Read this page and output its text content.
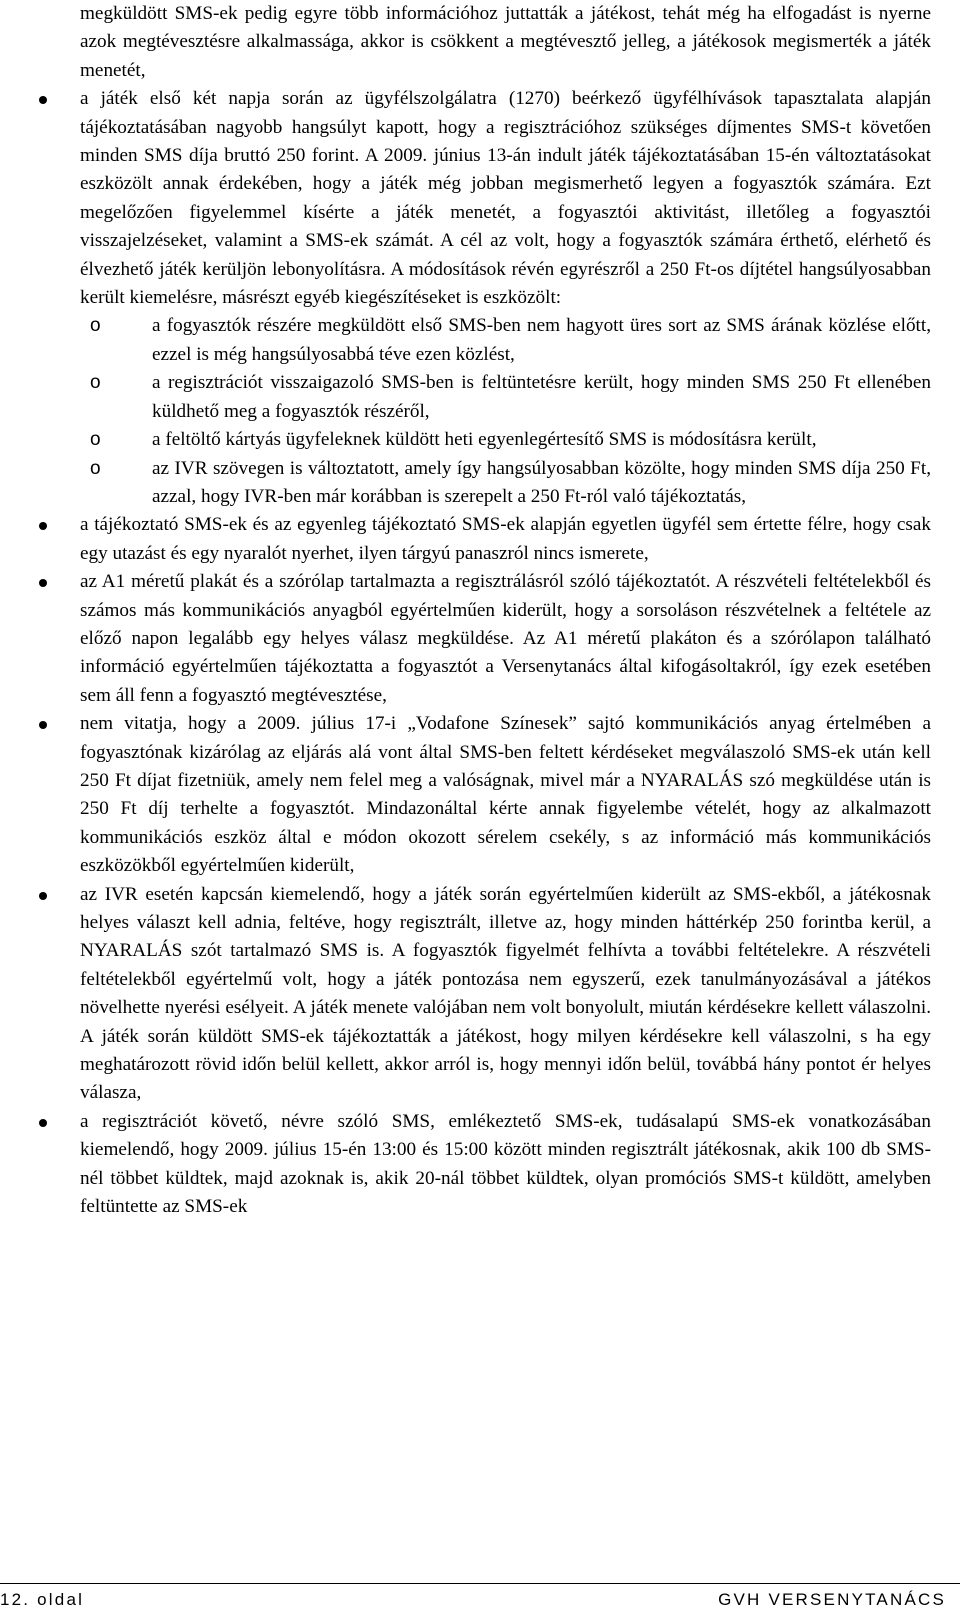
megküldött SMS-ek pedig egyre több információhoz juttatták a játékost, tehát még ha elfogadást is nyerne azok megtévesztésre alkalmassága, akkor is csökkent a megtévesztő jelleg, a játékosok megismerték a játék menetét,

a játék első két napja során az ügyfélszolgálatra (1270) beérkező ügyfélhívások tapasztalata alapján tájékoztatásában nagyobb hangsúlyt kapott, hogy a regisztrációhoz szükséges díjmentes SMS-t követően minden SMS díja bruttó 250 forint. A 2009. június 13-án indult játék tájékoztatásában 15-én változtatásokat eszközölt annak érdekében, hogy a játék még jobban megismerhető legyen a fogyasztók számára. Ezt megelőzően figyelemmel kísérte a játék menetét, a fogyasztói aktivitást, illetőleg a fogyasztói visszajelzéseket, valamint a SMS-ek számát. A cél az volt, hogy a fogyasztók számára érthető, elérhető és élvezhető játék kerüljön lebonyolításra. A módosítások révén egyrészről a 250 Ft-os díjtétel hangsúlyosabban került kiemelésre, másrészt egyéb kiegészítéseket is eszközölt:
o	a fogyasztók részére megküldött első SMS-ben nem hagyott üres sort az SMS árának közlése előtt, ezzel is még hangsúlyosabbá téve ezen közlést,
o	a regisztrációt visszaigazoló SMS-ben is feltüntetésre került, hogy minden SMS 250 Ft ellenében küldhető meg a fogyasztók részéről,
o	a feltöltő kártyás ügyfeleknek küldött heti egyenlegértesítő SMS is módosításra került,
o	az IVR szövegen is változtatott, amely így hangsúlyosabban közölte, hogy minden SMS díja 250 Ft, azzal, hogy IVR-ben már korábban is szerepelt a 250 Ft-ról való tájékoztatás,
a tájékoztató SMS-ek és az egyenleg tájékoztató SMS-ek alapján egyetlen ügyfél sem értette félre, hogy csak egy utazást és egy nyaralót nyerhet, ilyen tárgyú panaszról nincs ismerete,
az A1 méretű plakát és a szórólap tartalmazta a regisztrálásról szóló tájékoztatót. A részvételi feltételekből és számos más kommunikációs anyagból egyértelműen kiderült, hogy a sorsoláson részvételnek a feltétele az előző napon legalább egy helyes válasz megküldése. Az A1 méretű plakáton és a szórólapon található információ egyértelműen tájékoztatta a fogyasztót a Versenytanács által kifogásoltakról, így ezek esetében sem áll fenn a fogyasztó megtévesztése,
nem vitatja, hogy a 2009. július 17-i „Vodafone Színesek” sajtó kommunikációs anyag értelmében a fogyasztónak kizárólag az eljárás alá vont által SMS-ben feltett kérdéseket megválaszoló SMS-ek után kell 250 Ft díjat fizetniük, amely nem felel meg a valóságnak, mivel már a NYARALÁS szó megküldése után is 250 Ft díj terhelte a fogyasztót. Mindazonáltal kérte annak figyelembe vételét, hogy az alkalmazott kommunikációs eszköz által e módon okozott sérelem csekély, s az információ más kommunikációs eszközökből egyértelműen kiderült,
az IVR esetén kapcsán kiemelendő, hogy a játék során egyértelműen kiderült az SMS-ekből, a játékosnak helyes választ kell adnia, feltéve, hogy regisztrált, illetve az, hogy minden háttérkép 250 forintba kerül, a NYARALÁS szót tartalmazó SMS is. A fogyasztók figyelmét felhívta a további feltételekre. A részvételi feltételekből egyértelmű volt, hogy a játék pontozása nem egyszerű, ezek tanulmányozásával a játékos növelhette nyerési esélyeit. A játék menete valójában nem volt bonyolult, miután kérdésekre kellett válaszolni. A játék során küldött SMS-ek tájékoztatták a játékost, hogy milyen kérdésekre kell válaszolni, s ha egy meghatározott rövid időn belül kellett, akkor arról is, hogy mennyi időn belül, továbbá hány pontot ér helyes válasza,
a regisztrációt követő, névre szóló SMS, emlékeztető SMS-ek, tudásalapú SMS-ek vonatkozásában kiemelendő, hogy 2009. július 15-én 13:00 és 15:00 között minden regisztrált játékosnak, akik 100 db SMS-nél többet küldtek, majd azoknak is, akik 20-nál többet küldtek, olyan promóciós SMS-t küldött, amelyben feltüntette az SMS-ek
12. oldal	GVH VERSENYTANÁCS
